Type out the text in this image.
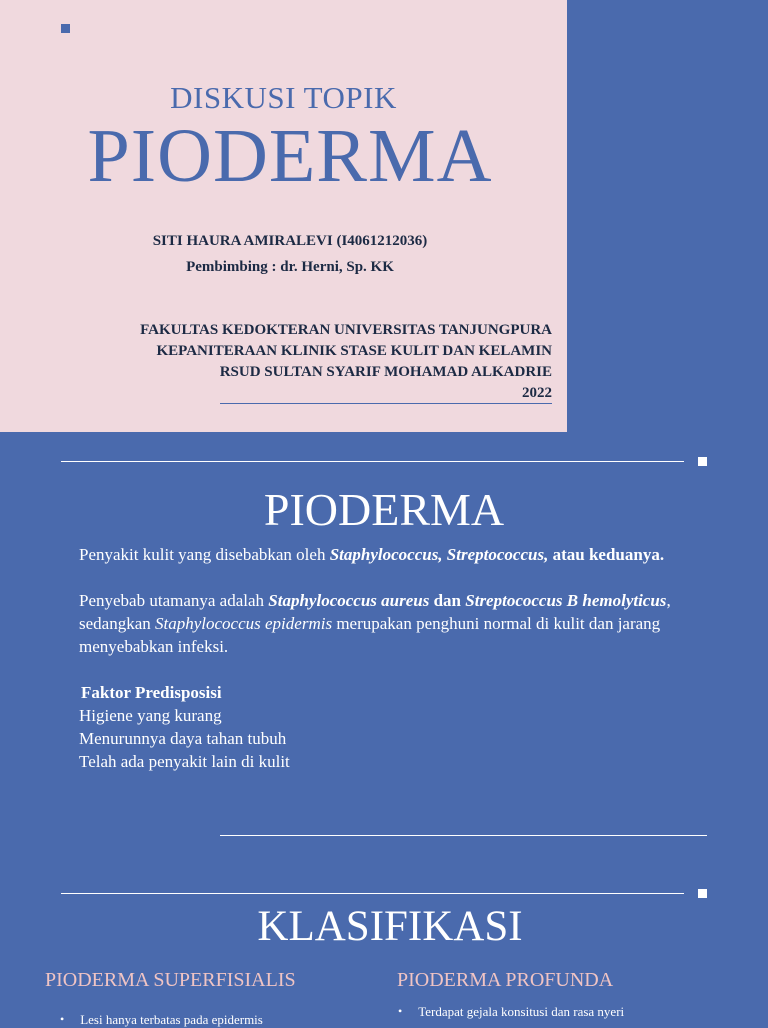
DISKUSI TOPIK
PIODERMA
SITI HAURA AMIRALEVI (I4061212036)
Pembimbing : dr. Herni, Sp. KK
FAKULTAS KEDOKTERAN UNIVERSITAS TANJUNGPURA
KEPANITERAAN KLINIK STASE KULIT DAN KELAMIN
RSUD SULTAN SYARIF MOHAMAD ALKADRIE
2022
PIODERMA

Penyakit kulit yang disebabkan oleh Staphylococcus, Streptococcus, atau keduanya.

Penyebab utamanya adalah Staphylococcus aureus dan Streptococcus B hemolyticus, sedangkan Staphylococcus epidermis merupakan penghuni normal di kulit dan jarang menyebabkan infeksi.

Faktor Predisposisi

Higiene yang kurang

Menurunnya daya tahan tubuh

Telah ada penyakit lain di kulit

KLASIFIKASI
PIODERMA SUPERFISIALIS	PIODERMA PROFUNDA
• Lesi hanya terbatas pada epidermis
• Terdapat gejala konsitusi dan rasa nyeri
